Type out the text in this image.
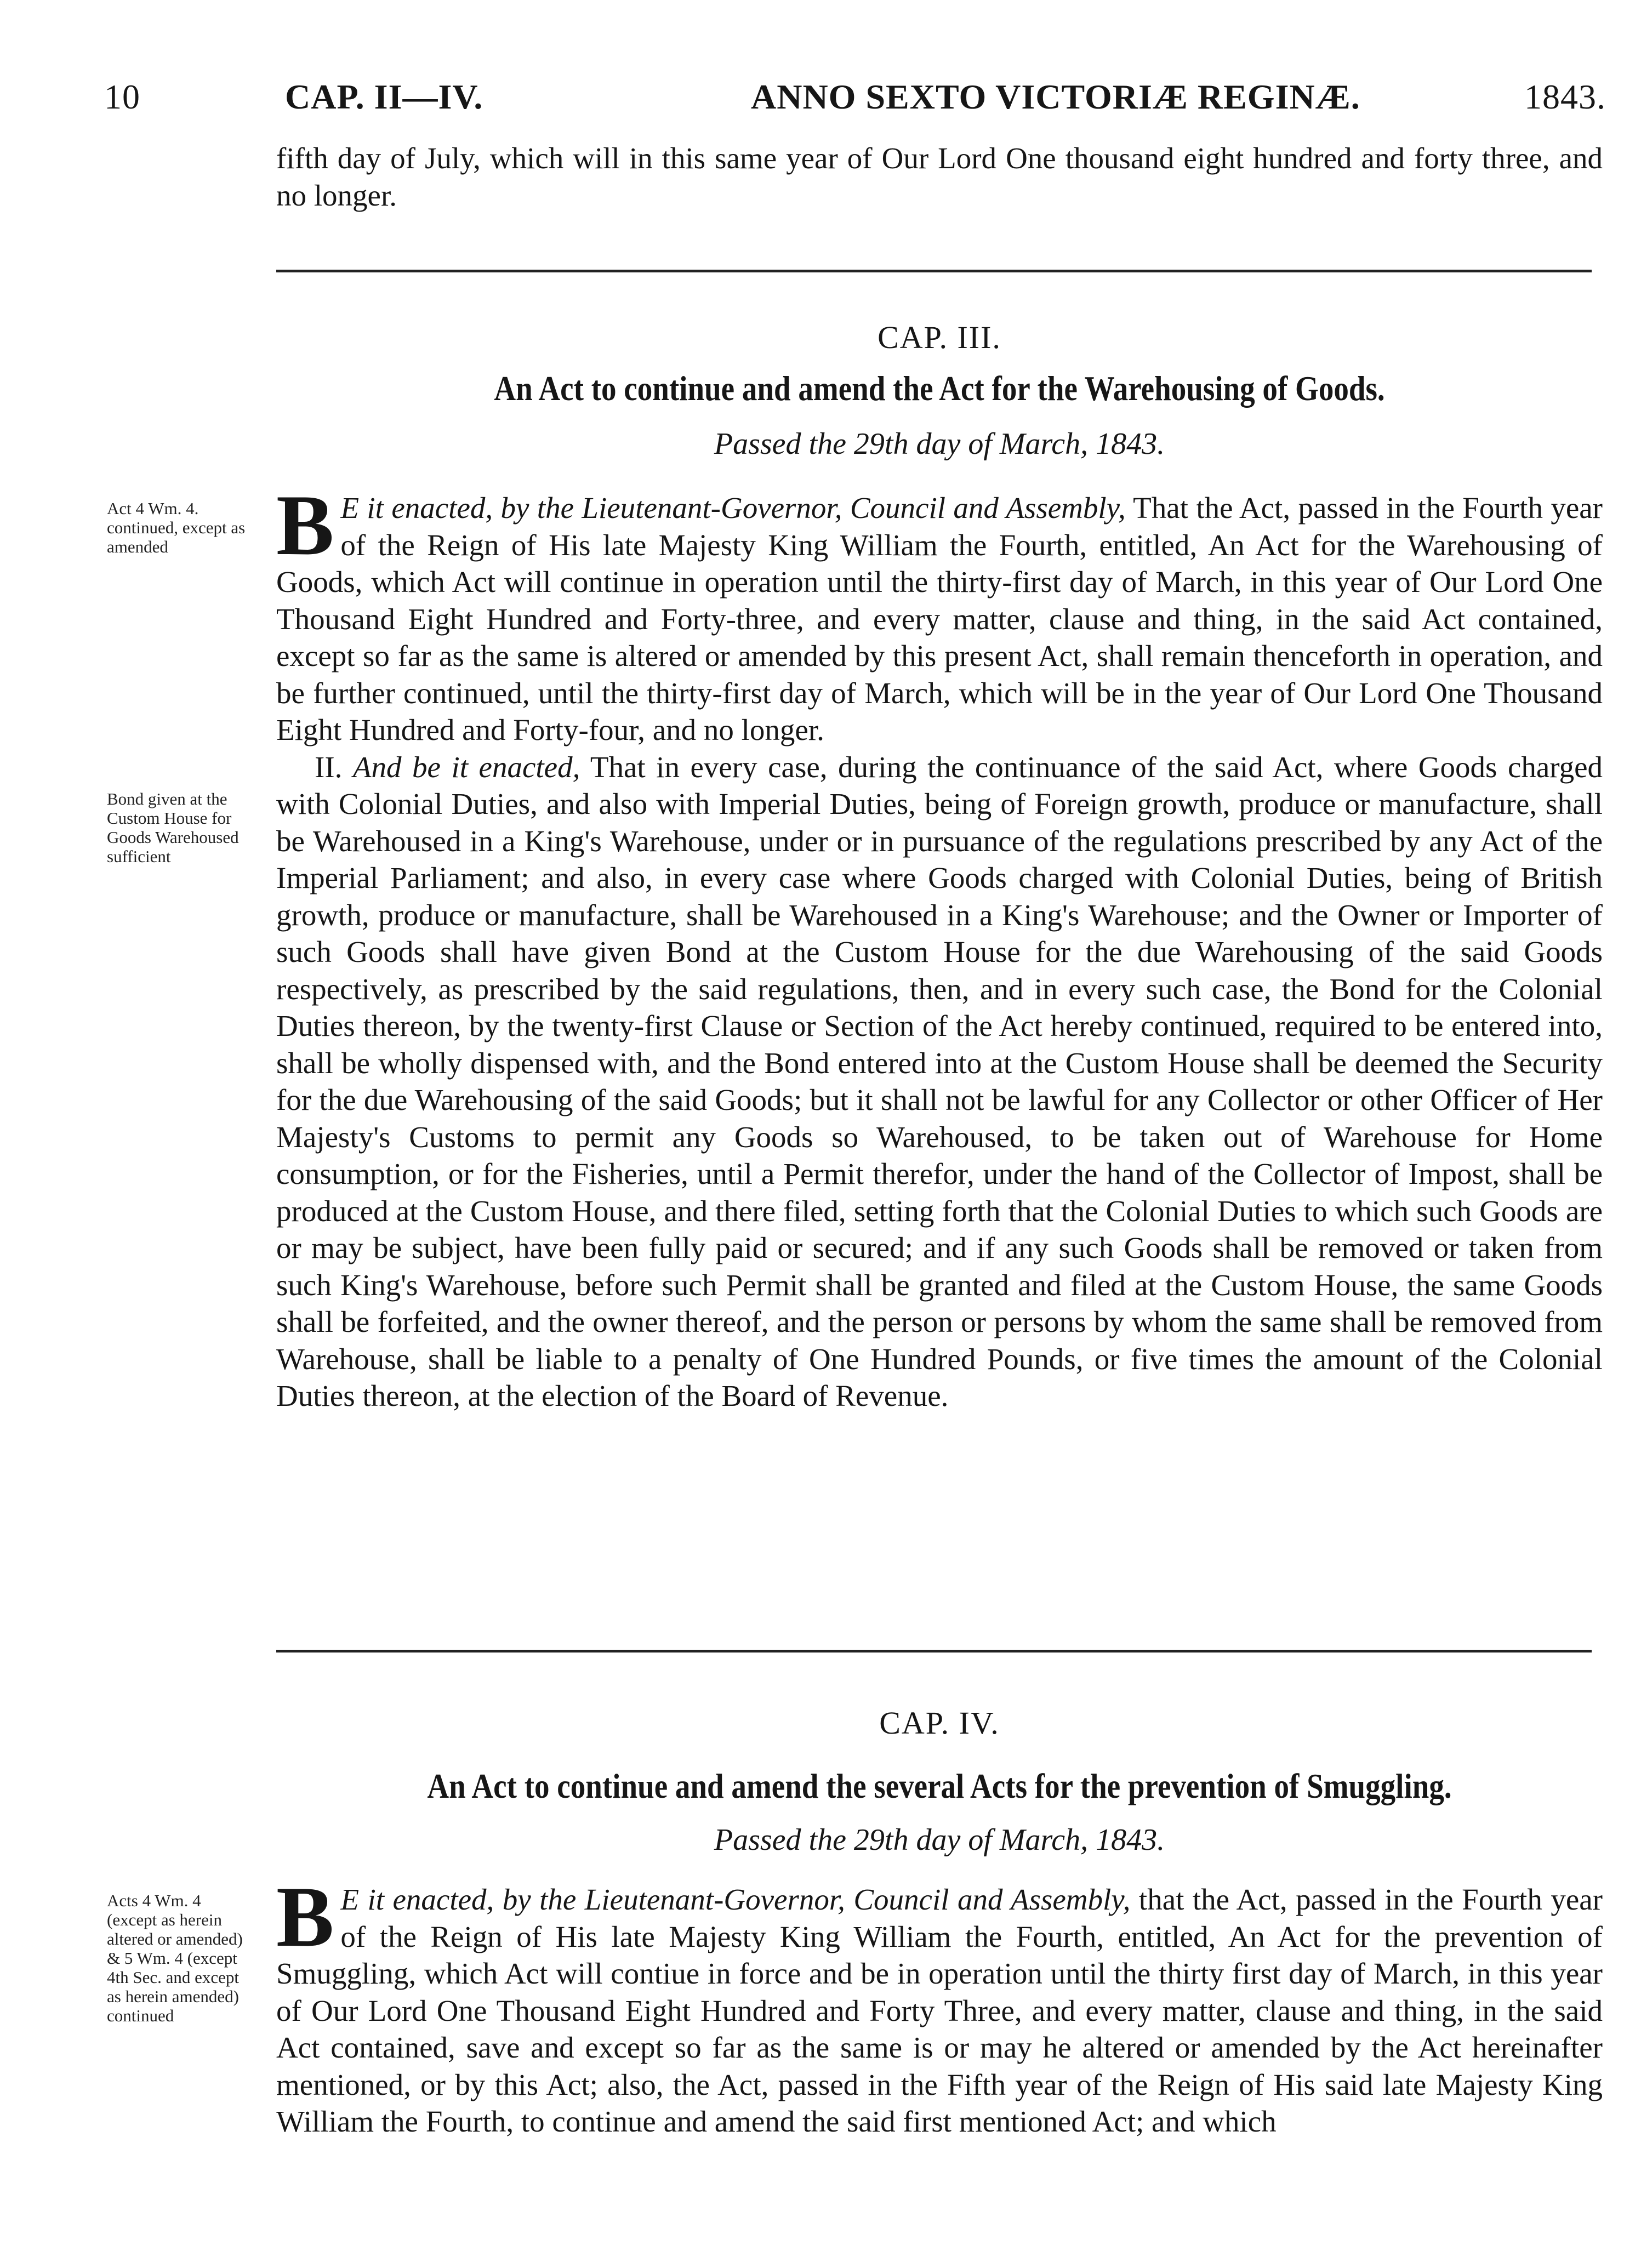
10	CAP. II—IV.	ANNO SEXTO VICTORIÆ REGINÆ.	1843.

fifth day of July, which will in this same year of Our Lord One thousand eight hundred and forty three, and no longer.

CAP. III.
An Act to continue and amend the Act for the Warehousing of Goods.
Passed the 29th day of March, 1843.
Act 4 Wm. 4. continued, except as amended
Bond given at the Custom House for Goods Warehoused sufficient

B E it enacted, by the Lieutenant-Governor, Council and Assembly, That the Act, passed in the Fourth year of the Reign of His late Majesty King William the Fourth, entitled, An Act for the Warehousing of Goods, which Act will continue in operation until the thirty-first day of March, in this year of Our Lord One Thousand Eight Hundred and Forty-three, and every matter, clause and thing, in the said Act contained, except so far as the same is altered or amended by this present Act, shall remain thenceforth in operation, and be further continued, until the thirty-first day of March, which will be in the year of Our Lord One Thousand Eight Hundred and Forty-four, and no longer.

II. And be it enacted, That in every case, during the continuance of the said Act, where Goods charged with Colonial Duties, and also with Imperial Duties, being of Foreign growth, produce or manufacture, shall be Warehoused in a King's Warehouse, under or in pursuance of the regulations prescribed by any Act of the Imperial Parliament; and also, in every case where Goods charged with Colonial Duties, being of British growth, produce or manufacture, shall be Warehoused in a King's Warehouse; and the Owner or Importer of such Goods shall have given Bond at the Custom House for the due Warehousing of the said Goods respectively, as prescribed by the said regulations, then, and in every such case, the Bond for the Colonial Duties thereon, by the twenty-first Clause or Section of the Act hereby continued, required to be entered into, shall be wholly dispensed with, and the Bond entered into at the Custom House shall be deemed the Security for the due Warehousing of the said Goods; but it shall not be lawful for any Collector or other Officer of Her Majesty's Customs to permit any Goods so Warehoused, to be taken out of Warehouse for Home consumption, or for the Fisheries, until a Permit therefor, under the hand of the Collector of Impost, shall be produced at the Custom House, and there filed, setting forth that the Colonial Duties to which such Goods are or may be subject, have been fully paid or secured; and if any such Goods shall be removed or taken from such King's Warehouse, before such Permit shall be granted and filed at the Custom House, the same Goods shall be forfeited, and the owner thereof, and the person or persons by whom the same shall be removed from Warehouse, shall be liable to a penalty of One Hundred Pounds, or five times the amount of the Colonial Duties thereon, at the election of the Board of Revenue.

CAP. IV.
An Act to continue and amend the several Acts for the prevention of Smuggling.
Passed the 29th day of March, 1843.
Acts 4 Wm. 4 (except as herein altered or amended) & 5 Wm. 4 (except 4th Sec. and except as herein amended) continued

B E it enacted, by the Lieutenant-Governor, Council and Assembly, that the Act, passed in the Fourth year of the Reign of His late Majesty King William the Fourth, entitled, An Act for the prevention of Smuggling, which Act will contiue in force and be in operation until the thirty first day of March, in this year of Our Lord One Thousand Eight Hundred and Forty Three, and every matter, clause and thing, in the said Act contained, save and except so far as the same is or may he altered or amended by the Act hereinafter mentioned, or by this Act; also, the Act, passed in the Fifth year of the Reign of His said late Majesty King William the Fourth, to continue and amend the said first mentioned Act; and which
